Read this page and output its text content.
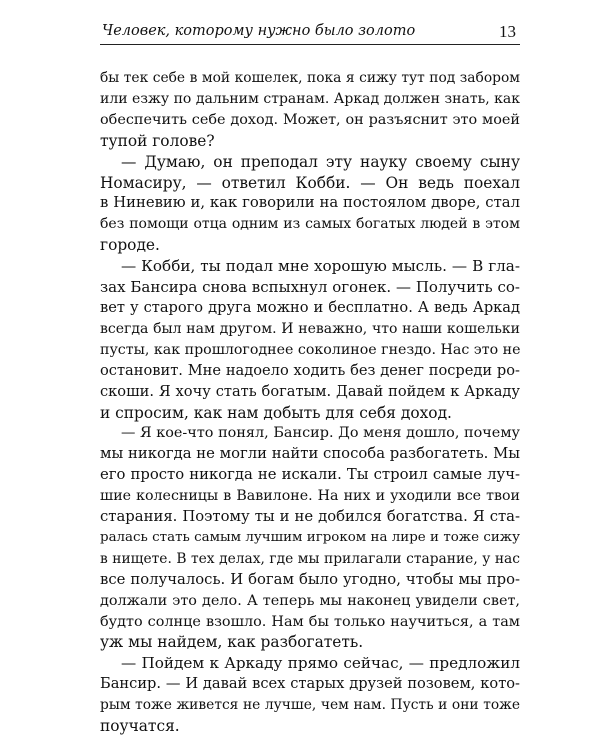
Человек, которому нужно было золото	13
бы тек себе в мой кошелек, пока я сижу тут под забором
или езжу по дальним странам. Аркад должен знать, как
обеспечить себе доход. Может, он разъяснит это моей
тупой голове?
— Думаю, он преподал эту науку своему сыну
Номасиру, — ответил Кобби. — Он ведь поехал
в Ниневию и, как говорили на постоялом дворе, стал
без помощи отца одним из самых богатых людей в этом
городе.
— Кобби, ты подал мне хорошую мысль. — В гла-
зах Бансира снова вспыхнул огонек. — Получить со-
вет у старого друга можно и бесплатно. А ведь Аркад
всегда был нам другом. И неважно, что наши кошельки
пусты, как прошлогоднее соколиное гнездо. Нас это не
остановит. Мне надоело ходить без денег посреди ро-
скоши. Я хочу стать богатым. Давай пойдем к Аркаду
и спросим, как нам добыть для себя доход.
— Я кое-что понял, Бансир. До меня дошло, почему
мы никогда не могли найти способа разбогатеть. Мы
его просто никогда не искали. Ты строил самые луч-
шие колесницы в Вавилоне. На них и уходили все твои
старания. Поэтому ты и не добился богатства. Я ста-
ралась стать самым лучшим игроком на лире и тоже сижу
в нищете. В тех делах, где мы прилагали старание, у нас
все получалось. И богам было угодно, чтобы мы про-
должали это дело. А теперь мы наконец увидели свет,
будто солнце взошло. Нам бы только научиться, а там
уж мы найдем, как разбогатеть.
— Пойдем к Аркаду прямо сейчас, — предложил
Бансир. — И давай всех старых друзей позовем, кото-
рым тоже живется не лучше, чем нам. Пусть и они тоже
поучатся.
